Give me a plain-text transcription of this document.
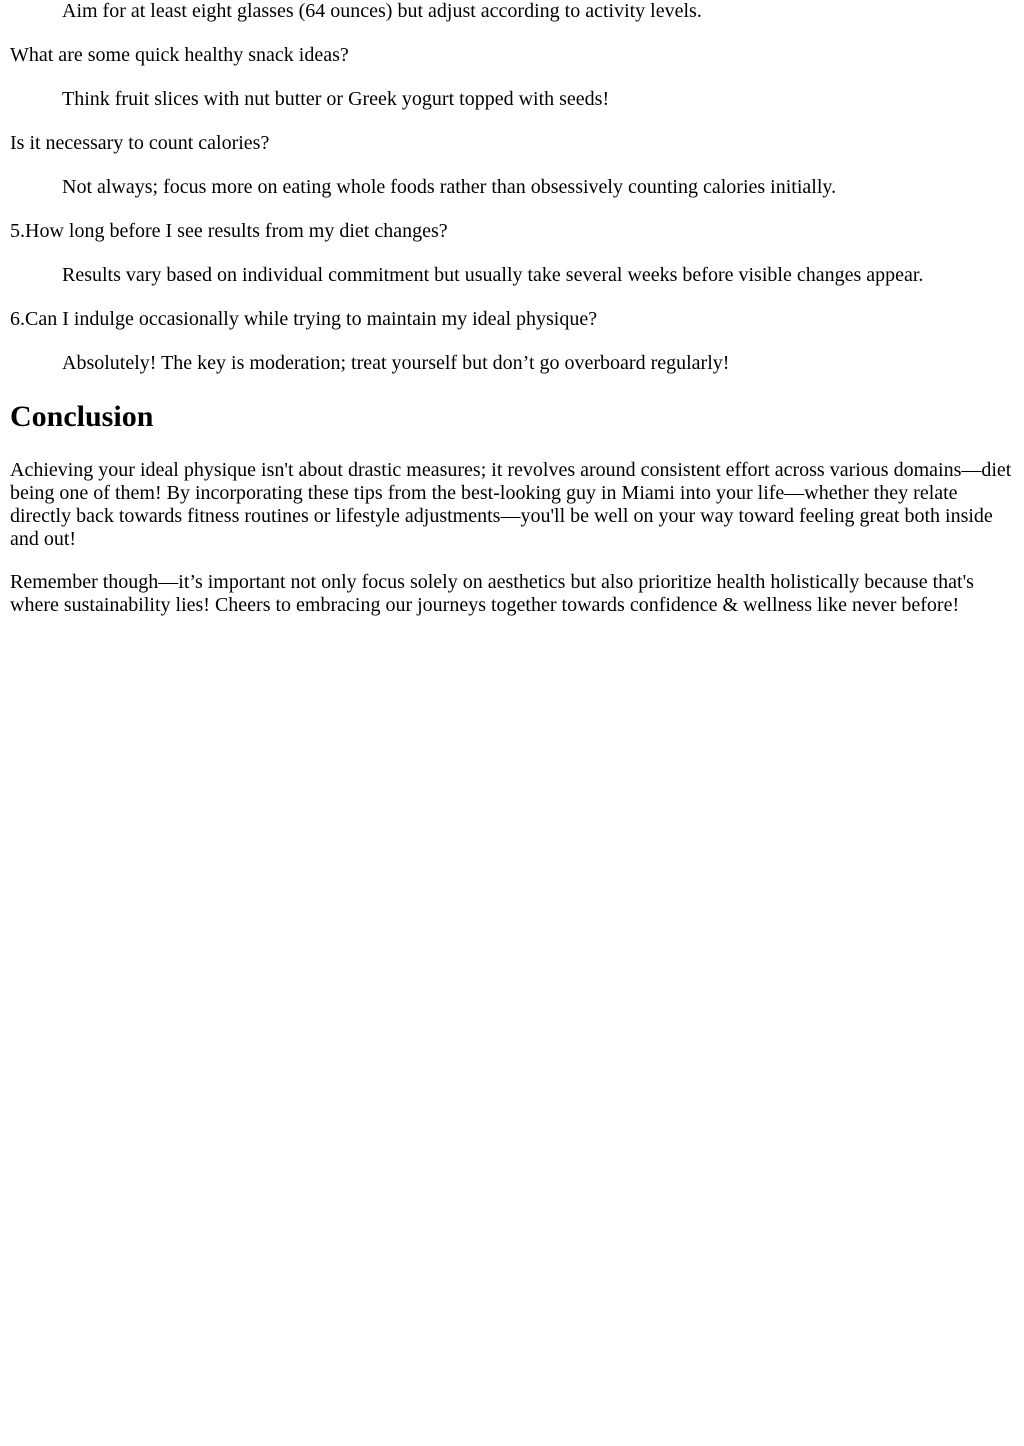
Aim for at least eight glasses (64 ounces) but adjust according to activity levels.

What are some quick healthy snack ideas?

Think fruit slices with nut butter or Greek yogurt topped with seeds!

Is it necessary to count calories?

Not always; focus more on eating whole foods rather than obsessively counting calories initially.

5.How long before I see results from my diet changes?

Results vary based on individual commitment but usually take several weeks before visible changes appear.

6.Can I indulge occasionally while trying to maintain my ideal physique?

Absolutely! The key is moderation; treat yourself but don’t go overboard regularly!

Conclusion

Achieving your ideal physique isn't about drastic measures; it revolves around consistent effort across various domains—diet being one of them! By incorporating these tips from the best-looking guy in Miami into your life—whether they relate directly back towards fitness routines or lifestyle adjustments—you'll be well on your way toward feeling great both inside and out!

Remember though—it’s important not only focus solely on aesthetics but also prioritize health holistically because that's where sustainability lies! Cheers to embracing our journeys together towards confidence & wellness like never before!
